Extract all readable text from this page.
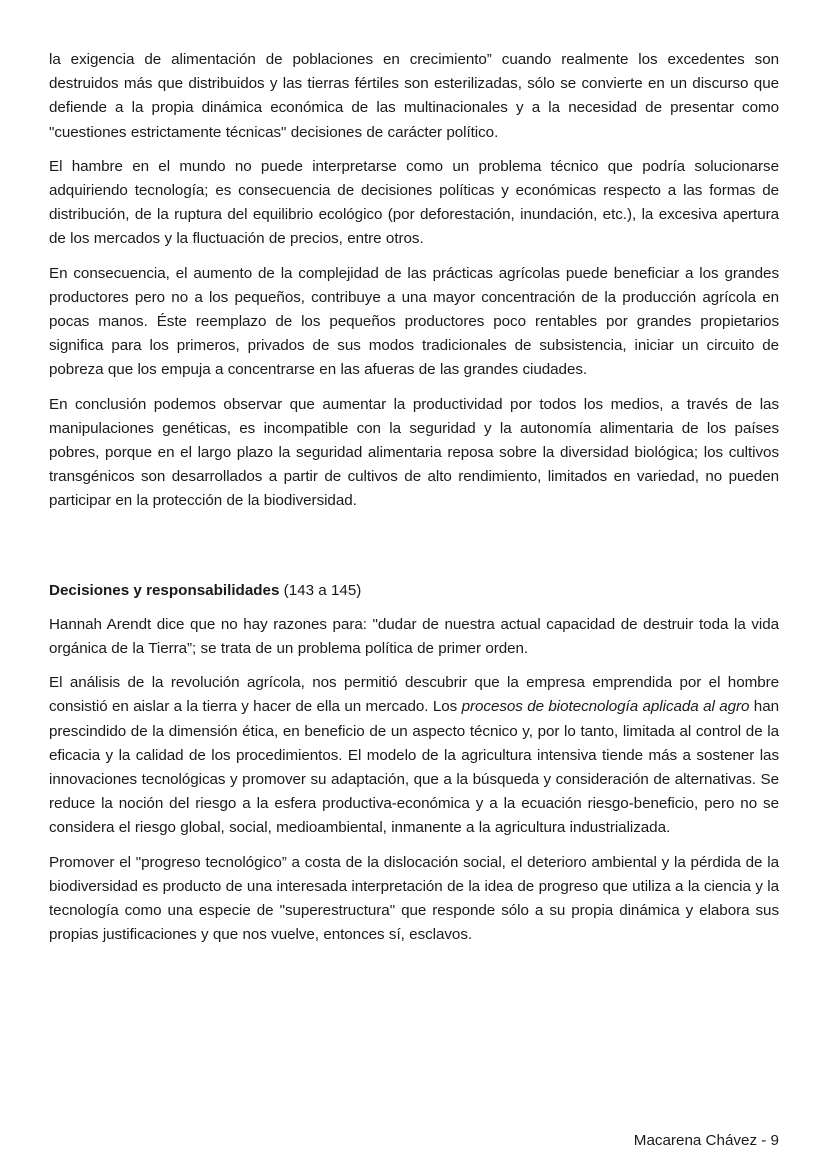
la exigencia de alimentación de poblaciones en crecimiento” cuando realmente los excedentes son destruidos más que distribuidos y las tierras fértiles son esterilizadas, sólo se convierte en un discurso que defiende a la propia dinámica económica de las multinacionales y a la necesidad de presentar como "cuestiones estrictamente técnicas" decisiones de carácter político.

El hambre en el mundo no puede interpretarse como un problema técnico que podría solucionarse adquiriendo tecnología; es consecuencia de decisiones políticas y económicas respecto a las formas de distribución, de la ruptura del equilibrio ecológico (por deforestación, inundación, etc.), la excesiva apertura de los mercados y la fluctuación de precios, entre otros.

En consecuencia, el aumento de la complejidad de las prácticas agrícolas puede beneficiar a los grandes productores pero no a los pequeños, contribuye a una mayor concentración de la producción agrícola en pocas manos. Éste reemplazo de los pequeños productores poco rentables por grandes propietarios significa para los primeros, privados de sus modos tradicionales de subsistencia, iniciar un circuito de pobreza que los empuja a concentrarse en las afueras de las grandes ciudades.

En conclusión podemos observar que aumentar la productividad por todos los medios, a través de las manipulaciones genéticas, es incompatible con la seguridad y la autonomía alimentaria de los países pobres, porque en el largo plazo la seguridad alimentaria reposa sobre la diversidad biológica; los cultivos transgénicos son desarrollados a partir de cultivos de alto rendimiento, limitados en variedad, no pueden participar en la protección de la biodiversidad.

Decisiones y responsabilidades (143 a 145)

Hannah Arendt dice que no hay razones para: "dudar de nuestra actual capacidad de destruir toda la vida orgánica de la Tierra”; se trata de un problema política de primer orden.

El análisis de la revolución agrícola, nos permitió descubrir que la empresa emprendida por el hombre consistió en aislar a la tierra y hacer de ella un mercado. Los procesos de biotecnología aplicada al agro han prescindido de la dimensión ética, en beneficio de un aspecto técnico y, por lo tanto, limitada al control de la eficacia y la calidad de los procedimientos. El modelo de la agricultura intensiva tiende más a sostener las innovaciones tecnológicas y promover su adaptación, que a la búsqueda y consideración de alternativas. Se reduce la noción del riesgo a la esfera productiva-económica y a la ecuación riesgo-beneficio, pero no se considera el riesgo global, social, medioambiental, inmanente a la agricultura industrializada.

Promover el "progreso tecnológico” a costa de la dislocación social, el deterioro ambiental y la pérdida de la biodiversidad es producto de una interesada interpretación de la idea de progreso que utiliza a la ciencia y la tecnología como una especie de "superestructura" que responde sólo a su propia dinámica y elabora sus propias justificaciones y que nos vuelve, entonces sí, esclavos.

Macarena Chávez - 9
